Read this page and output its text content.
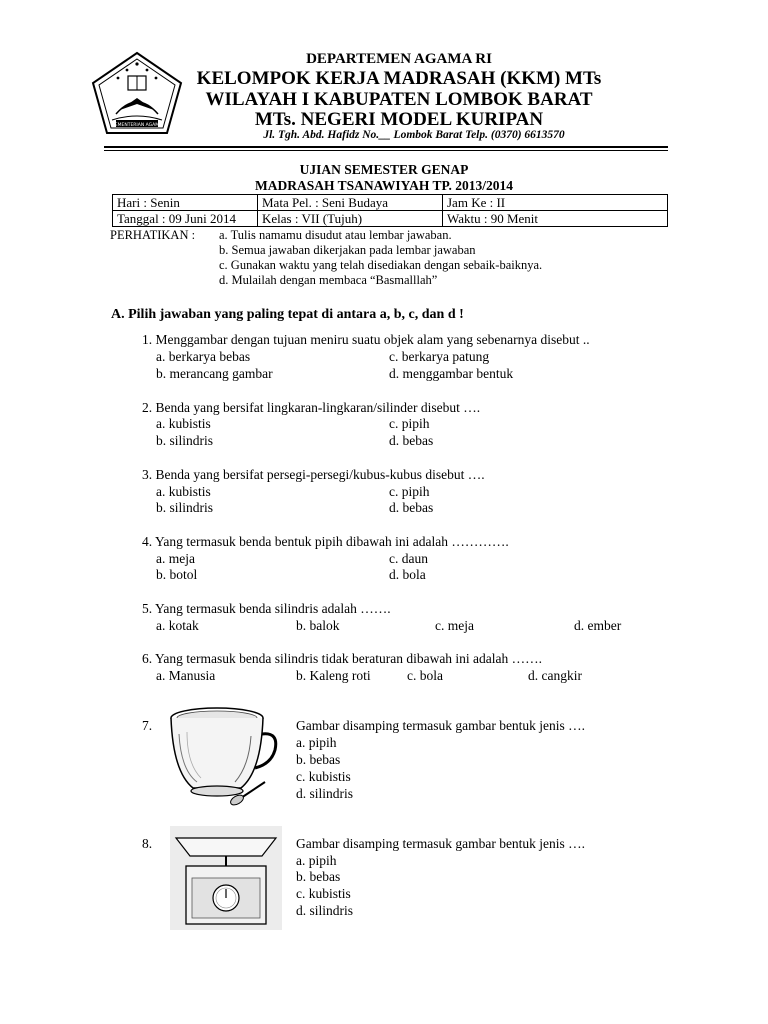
KEMENTERIAN AGAMA
DEPARTEMEN AGAMA RI
KELOMPOK KERJA MADRASAH (KKM) MTs
WILAYAH I KABUPATEN LOMBOK BARAT
MTs. NEGERI MODEL KURIPAN
Jl. Tgh. Abd. Hafidz No.__ Lombok Barat Telp. (0370) 6613570
UJIAN SEMESTER GENAP
MADRASAH TSANAWIYAH TP. 2013/2014
Hari : Senin	Mata Pel. : Seni Budaya	Jam Ke : II
Tanggal : 09 Juni 2014	Kelas : VII (Tujuh)	Waktu : 90 Menit
PERHATIKAN : a. Tulis namamu disudut atau lembar jawaban.
b. Semua jawaban dikerjakan pada lembar jawaban
c. Gunakan waktu yang telah disediakan dengan sebaik-baiknya.
d. Mulailah dengan membaca “Basmalllah”
A. Pilih jawaban yang paling tepat di antara a, b, c, dan d !
1. Menggambar dengan tujuan meniru suatu objek alam yang sebenarnya disebut ..
a. berkarya bebas	c. berkarya patung
b. merancang gambar	d. menggambar bentuk
2. Benda yang bersifat lingkaran-lingkaran/silinder disebut ….
a. kubistis	c. pipih
b. silindris	d. bebas
3. Benda yang bersifat persegi-persegi/kubus-kubus disebut ….
a. kubistis	c. pipih
b. silindris	d. bebas
4. Yang termasuk benda bentuk pipih dibawah ini adalah ………….
a. meja	c. daun
b. botol	d. bola
5. Yang termasuk benda silindris adalah …….
a. kotak	b. balok	c. meja	d. ember
6. Yang termasuk benda silindris tidak beraturan dibawah ini adalah …….
a. Manusia	b. Kaleng roti	c. bola	d. cangkir
7.	Gambar disamping termasuk gambar bentuk jenis ….
a. pipih
b. bebas
c. kubistis
d. silindris
8.	Gambar disamping termasuk gambar bentuk jenis ….
a. pipih
b. bebas
c. kubistis
d. silindris
